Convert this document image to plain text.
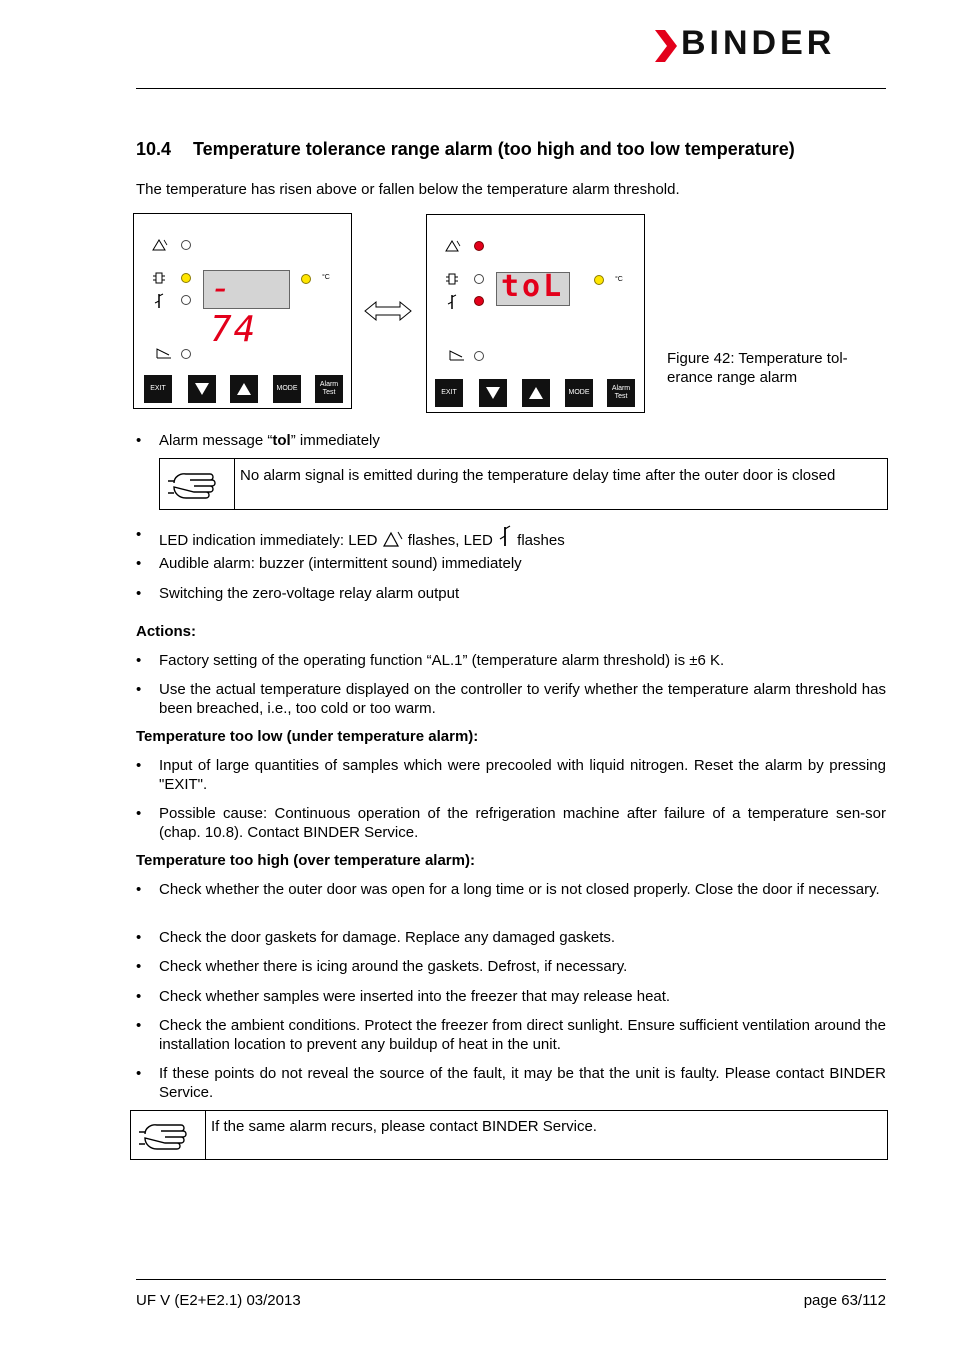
BINDER
10.4 Temperature tolerance range alarm (too high and too low temperature)
The temperature has risen above or fallen below the temperature alarm threshold.
- 74
°C
EXIT	MODE
Alarm
Test
toL	°C
EXIT	MODE
Alarm
Test
Figure 42: Temperature tol-
erance range alarm
•	Alarm message “tol” immediately
No alarm signal is emitted during the temperature delay time after the outer door is closed
•	LED indication immediately: LED flashes, LED flashes
•	Audible alarm: buzzer (intermittent sound) immediately
•	Switching the zero-voltage relay alarm output
Actions:
•	Factory setting of the operating function “AL.1” (temperature alarm threshold) is ±6 K.
•	Use the actual temperature displayed on the controller to verify whether the temperature alarm threshold has been breached, i.e., too cold or too warm.
Temperature too low (under temperature alarm):
•	Input of large quantities of samples which were precooled with liquid nitrogen. Reset the alarm by pressing "EXIT".
•	Possible cause: Continuous operation of the refrigeration machine after failure of a temperature sen-sor (chap. 10.8). Contact BINDER Service.
Temperature too high (over temperature alarm):
•	Check whether the outer door was open for a long time or is not closed properly. Close the door if necessary.
•	Check the door gaskets for damage. Replace any damaged gaskets.
•	Check whether there is icing around the gaskets. Defrost, if necessary.
•	Check whether samples were inserted into the freezer that may release heat.
•	Check the ambient conditions. Protect the freezer from direct sunlight. Ensure sufficient ventilation around the installation location to prevent any buildup of heat in the unit.
•	If these points do not reveal the source of the fault, it may be that the unit is faulty. Please contact BINDER Service.
If the same alarm recurs, please contact BINDER Service.
UF V (E2+E2.1) 03/2013	page 63/112
